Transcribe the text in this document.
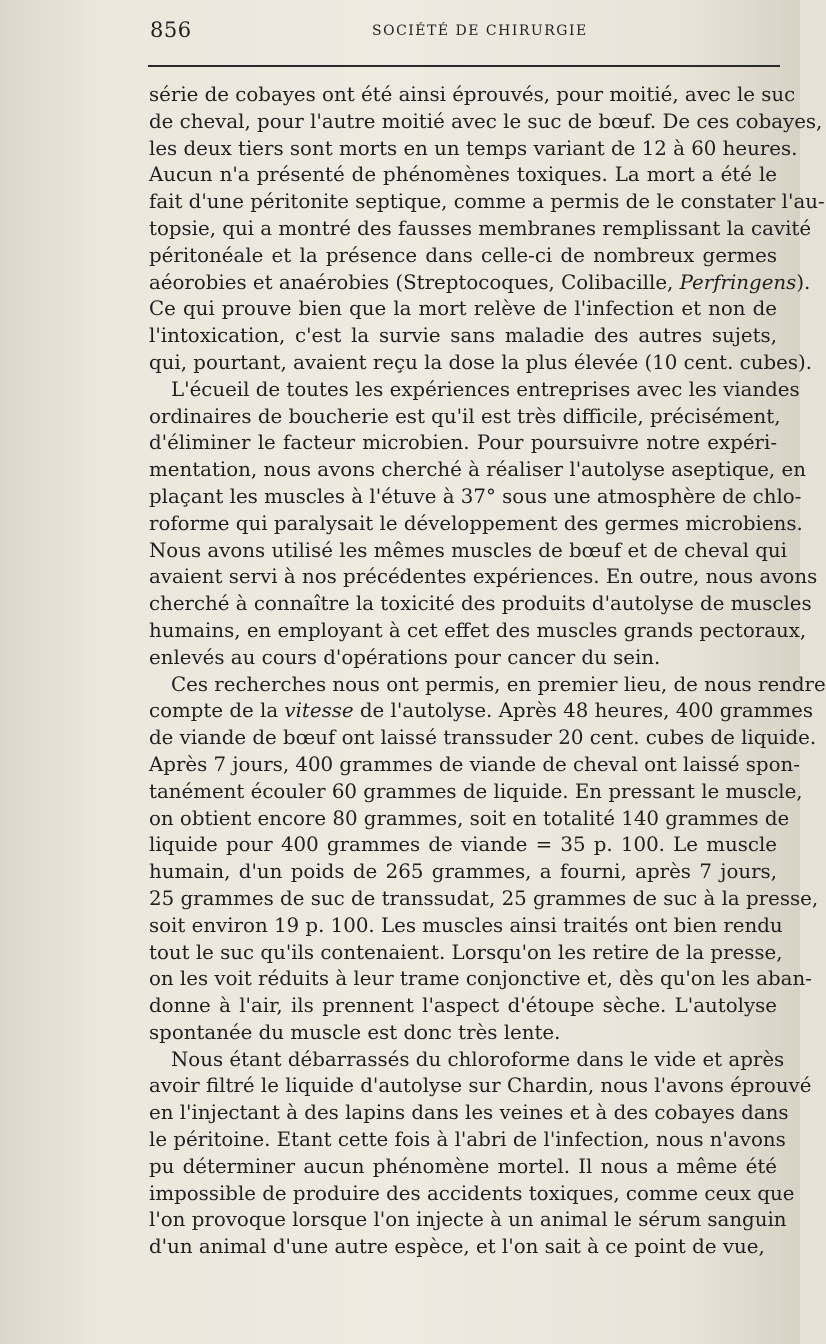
856	SOCIÉTÉ DE CHIRURGIE
série de cobayes ont été ainsi éprouvés, pour moitié, avec le suc
de cheval, pour l'autre moitié avec le suc de bœuf. De ces cobayes,
les deux tiers sont morts en un temps variant de 12 à 60 heures.
Aucun n'a présenté de phénomènes toxiques. La mort a été le
fait d'une péritonite septique, comme a permis de le constater l'au-
topsie, qui a montré des fausses membranes remplissant la cavité
péritonéale et la présence dans celle-ci de nombreux germes
aéorobies et anaérobies (Streptocoques, Colibacille, Perfringens).
Ce qui prouve bien que la mort relève de l'infection et non de
l'intoxication, c'est la survie sans maladie des autres sujets,
qui, pourtant, avaient reçu la dose la plus élevée (10 cent. cubes).
L'écueil de toutes les expériences entreprises avec les viandes
ordinaires de boucherie est qu'il est très difficile, précisément,
d'éliminer le facteur microbien. Pour poursuivre notre expéri-
mentation, nous avons cherché à réaliser l'autolyse aseptique, en
plaçant les muscles à l'étuve à 37° sous une atmosphère de chlo-
roforme qui paralysait le développement des germes microbiens.
Nous avons utilisé les mêmes muscles de bœuf et de cheval qui
avaient servi à nos précédentes expériences. En outre, nous avons
cherché à connaître la toxicité des produits d'autolyse de muscles
humains, en employant à cet effet des muscles grands pectoraux,
enlevés au cours d'opérations pour cancer du sein.
Ces recherches nous ont permis, en premier lieu, de nous rendre
compte de la vitesse de l'autolyse. Après 48 heures, 400 grammes
de viande de bœuf ont laissé transsuder 20 cent. cubes de liquide.
Après 7 jours, 400 grammes de viande de cheval ont laissé spon-
tanément écouler 60 grammes de liquide. En pressant le muscle,
on obtient encore 80 grammes, soit en totalité 140 grammes de
liquide pour 400 grammes de viande = 35 p. 100. Le muscle
humain, d'un poids de 265 grammes, a fourni, après 7 jours,
25 grammes de suc de transsudat, 25 grammes de suc à la presse,
soit environ 19 p. 100. Les muscles ainsi traités ont bien rendu
tout le suc qu'ils contenaient. Lorsqu'on les retire de la presse,
on les voit réduits à leur trame conjonctive et, dès qu'on les aban-
donne à l'air, ils prennent l'aspect d'étoupe sèche. L'autolyse
spontanée du muscle est donc très lente.
Nous étant débarrassés du chloroforme dans le vide et après
avoir filtré le liquide d'autolyse sur Chardin, nous l'avons éprouvé
en l'injectant à des lapins dans les veines et à des cobayes dans
le péritoine. Etant cette fois à l'abri de l'infection, nous n'avons
pu déterminer aucun phénomène mortel. Il nous a même été
impossible de produire des accidents toxiques, comme ceux que
l'on provoque lorsque l'on injecte à un animal le sérum sanguin
d'un animal d'une autre espèce, et l'on sait à ce point de vue,
